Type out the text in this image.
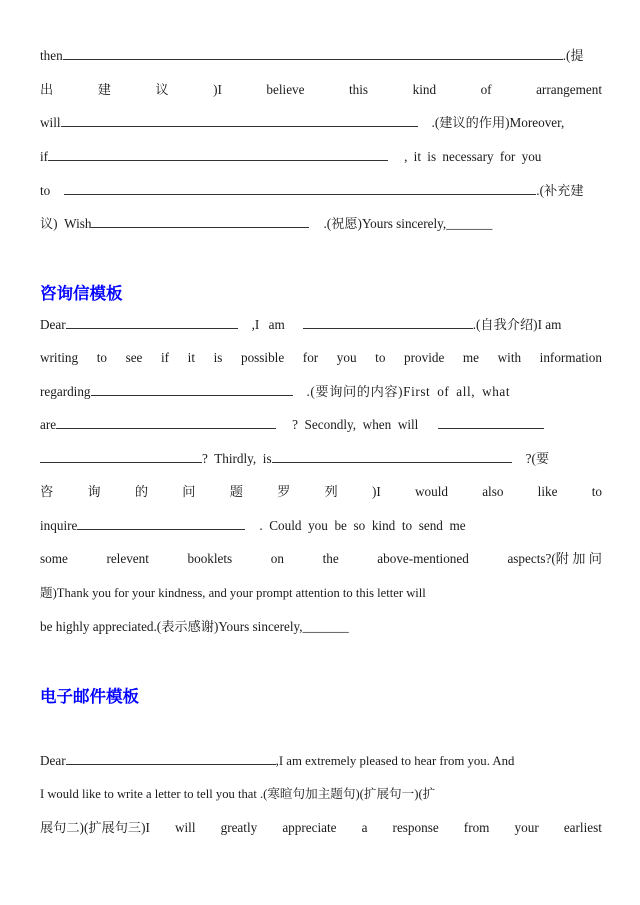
then	.(提
出	建	议	)I	believe	this	kind	of	arrangement
will	.(建议的作用)Moreover,
if	, it is necessary for you
to	.(补充建
议)  Wish	.(祝愿)Yours sincerely,_______
咨询信模板
Dear	,I am	.(自我介绍)I am
writing to see if it is possible for you to provide me with information
regarding	.(要询问的内容)First of all, what
are	?  Secondly,  when  will
?  Thirdly,  is	?(要
咨	询	的	问	题	罗	列	)I	would	also	like	to
inquire	.  Could  you  be  so  kind  to  send  me
some	relevent	booklets	on	the	above-mentioned	aspects?(附 加 问
题)Thank you for your kindness, and your prompt attention to this letter will
be highly appreciated.(表示感谢)Yours sincerely,_______
电子邮件模板
Dear	,I am extremely pleased to hear from you. And
I would like to write a letter to tell you that .(寒暄句加主题句)(扩展句一)(扩
展句二)(扩展句三)I will greatly appreciate a response from your earliest
